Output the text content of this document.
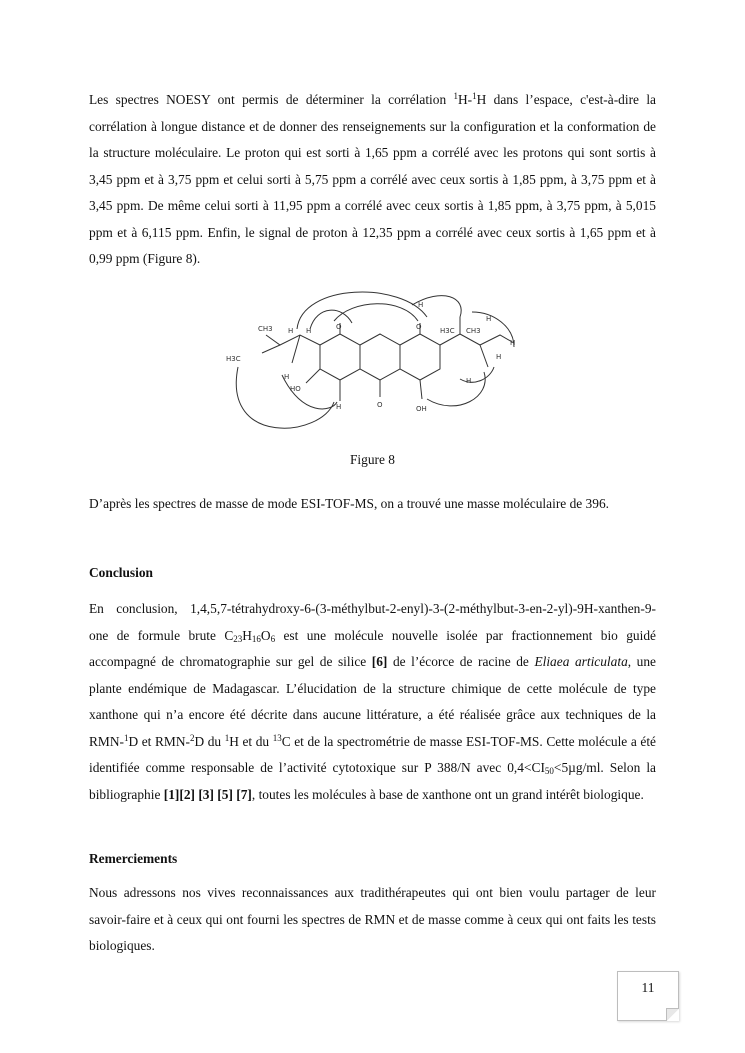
Les spectres NOESY ont permis de déterminer la corrélation $^1$H-$^1$H dans l’espace, c'est-à-dire la corrélation à longue distance et de donner des renseignements sur la configuration et la conformation de la structure moléculaire. Le proton qui est sorti à 1,65 ppm a corrélé avec les protons qui sont sortis à 3,45 ppm et à 3,75 ppm et celui sorti à 5,75 ppm a corrélé avec ceux sortis à 1,85 ppm, à 3,75 ppm et à 3,45 ppm. De même celui sorti à 11,95 ppm a corrélé avec ceux sortis à 1,85 ppm, à 3,75 ppm, à 5,015 ppm et à 6,115 ppm. Enfin, le signal de proton à 12,35 ppm a corrélé avec ceux sortis à 1,65 ppm et à 0,99 ppm (Figure 8).

CH3
H3C
H H
H
O	O
H
H3C CH3
H
H
H
HO
H	O	OH
H
Figure 8

D’après les spectres de masse de mode ESI-TOF-MS, on a trouvé une masse moléculaire de 396.

Conclusion

En conclusion, 1,4,5,7-tétrahydroxy-6-(3-méthylbut-2-enyl)-3-(2-méthylbut-3-en-2-yl)-9H-xanthen-9-one de formule brute $C_{23}H_{16}O_6$ est une molécule nouvelle isolée par fractionnement bio guidé accompagné de chromatographie sur gel de silice [6] de l’écorce de racine de Eliaea articulata, une plante endémique de Madagascar. L’élucidation de la structure chimique de cette molécule de type xanthone qui n’a encore été décrite dans aucune littérature, a été réalisée grâce aux techniques de la RMN-$^1$D et RMN-$^2$D du $^1$H et du $^{13}$C et de la spectrométrie de masse ESI-TOF-MS. Cette molécule a été identifiée comme responsable de l’activité cytotoxique sur P 388/N avec $0,4<CI_{50}<5\mu g/ml$. Selon la bibliographie [1][2] [3] [5] [7], toutes les molécules à base de xanthone ont un grand intérêt biologique.

Remerciements

Nous adressons nos vives reconnaissances aux tradithérapeutes qui ont bien voulu partager de leur savoir-faire et à ceux qui ont fourni les spectres de RMN et de masse comme à ceux qui ont faits les tests biologiques.

11
